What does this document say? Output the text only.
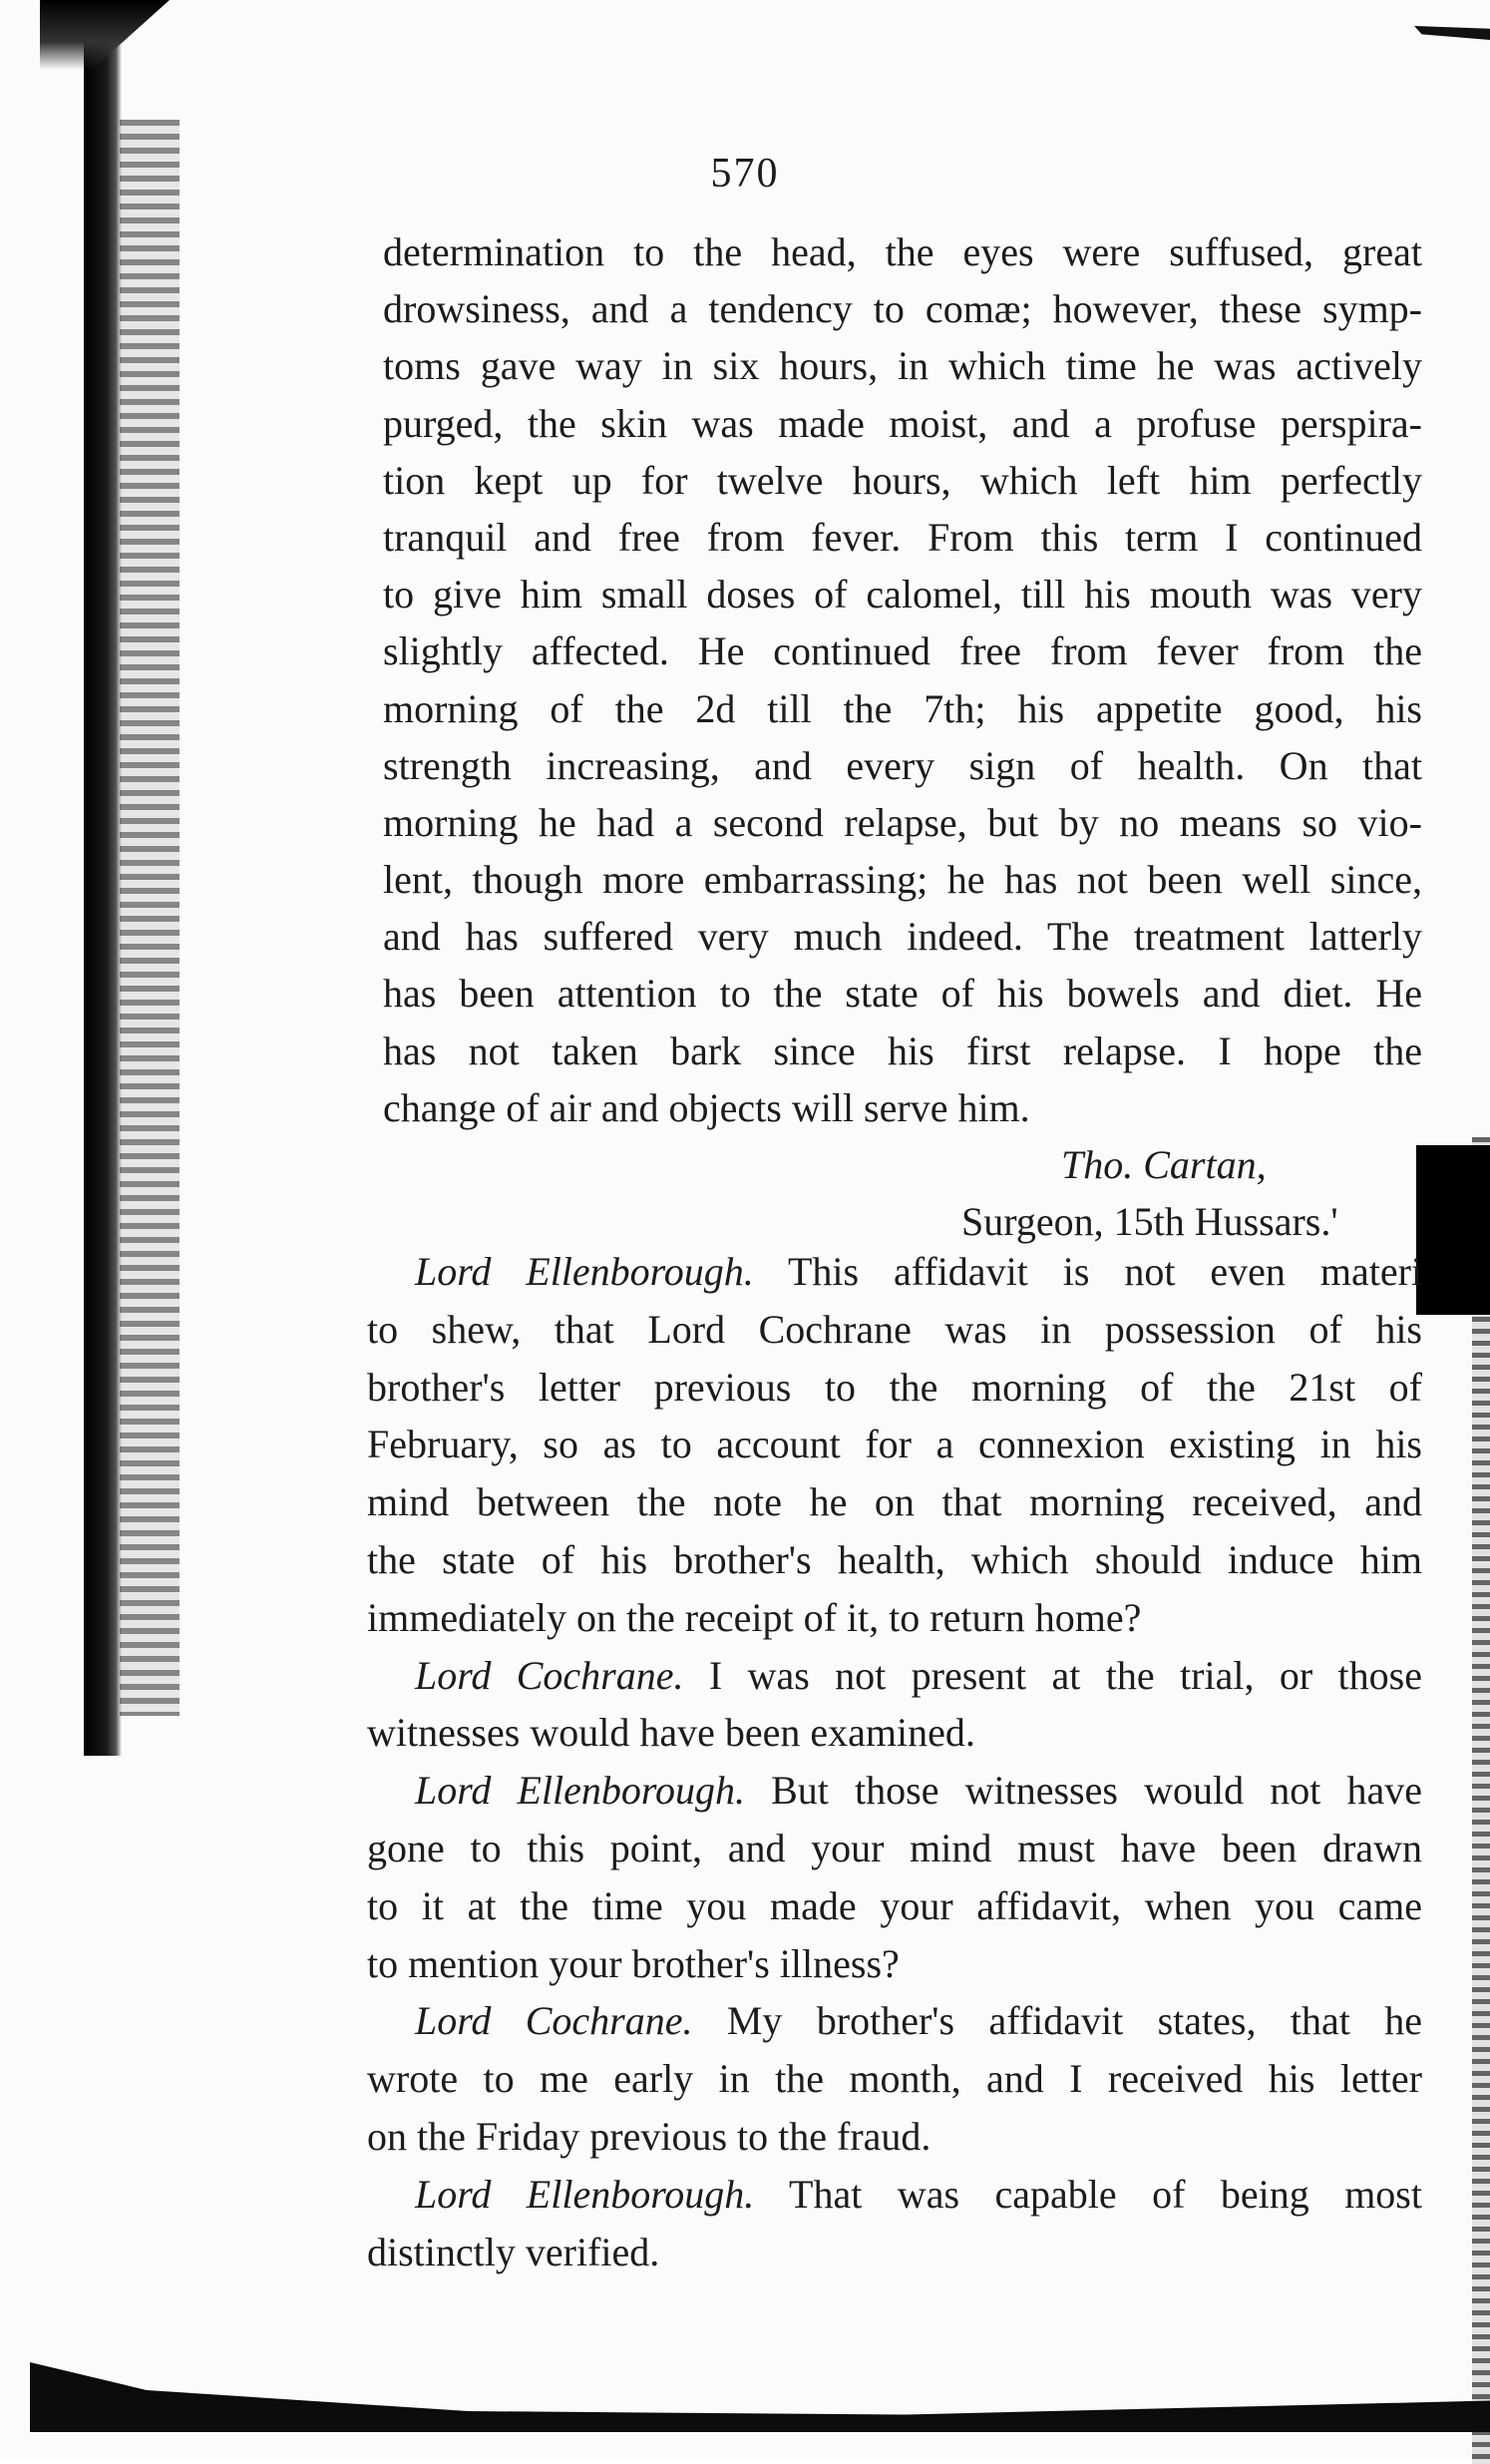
570
determination to the head, the eyes were suffused, great
drowsiness, and a tendency to comæ; however, these symp-
toms gave way in six hours, in which time he was actively
purged, the skin was made moist, and a profuse perspira-
tion kept up for twelve hours, which left him perfectly
tranquil and free from fever. From this term I continued
to give him small doses of calomel, till his mouth was very
slightly affected. He continued free from fever from the
morning of the 2d till the 7th; his appetite good, his
strength increasing, and every sign of health. On that
morning he had a second relapse, but by no means so vio-
lent, though more embarrassing; he has not been well since,
and has suffered very much indeed. The treatment latterly
has been attention to the state of his bowels and diet. He
has not taken bark since his first relapse. I hope the
change of air and objects will serve him.
Tho. Cartan,
Surgeon, 15th Hussars.'
Lord Ellenborough. This affidavit is not even materi
to shew, that Lord Cochrane was in possession of his
brother's letter previous to the morning of the 21st of
February, so as to account for a connexion existing in his
mind between the note he on that morning received, and
the state of his brother's health, which should induce him
immediately on the receipt of it, to return home?
Lord Cochrane. I was not present at the trial, or those
witnesses would have been examined.
Lord Ellenborough. But those witnesses would not have
gone to this point, and your mind must have been drawn
to it at the time you made your affidavit, when you came
to mention your brother's illness?
Lord Cochrane. My brother's affidavit states, that he
wrote to me early in the month, and I received his letter
on the Friday previous to the fraud.
Lord Ellenborough. That was capable of being most
distinctly verified.
